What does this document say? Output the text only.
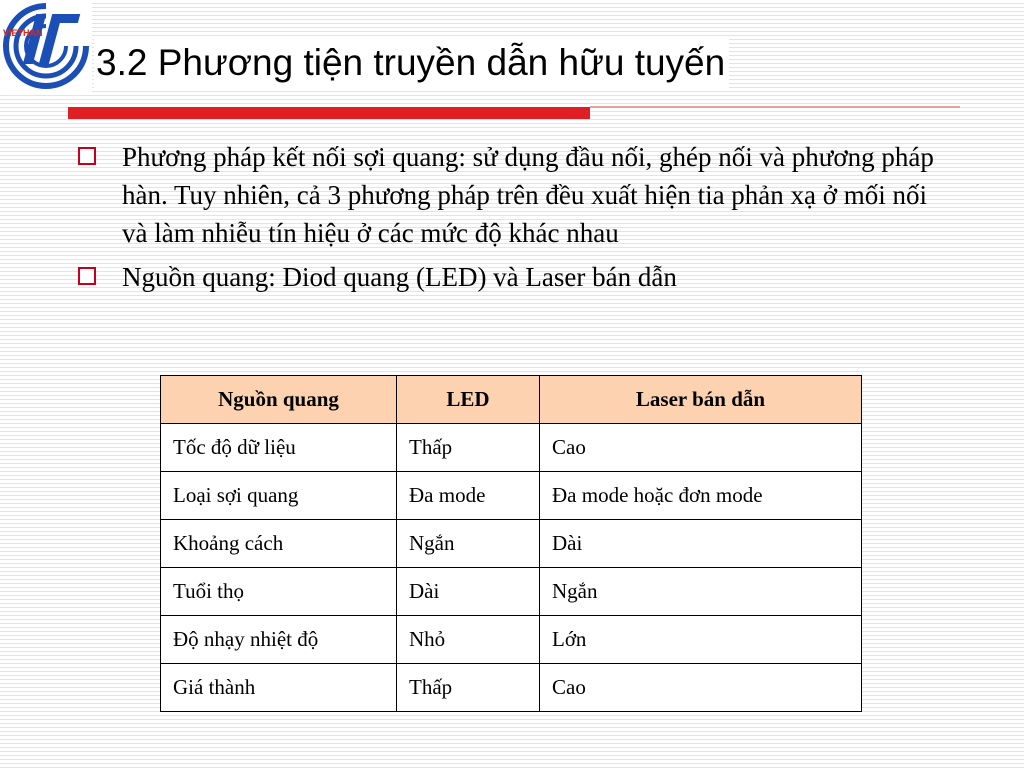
VIETHAN
3.2 Phương tiện truyền dẫn hữu tuyến
Phương pháp kết nối sợi quang: sử dụng đầu nối, ghép nối và phương pháp hàn. Tuy nhiên, cả 3 phương pháp trên đều xuất hiện tia phản xạ ở mối nối và làm nhiễu tín hiệu ở các mức độ khác nhau
Nguồn quang: Diod quang (LED) và Laser bán dẫn
Nguồn quang	LED	Laser bán dẫn
Tốc độ dữ liệu	Thấp	Cao
Loại sợi quang	Đa mode	Đa mode hoặc đơn mode
Khoảng cách	Ngắn	Dài
Tuổi thọ	Dài	Ngắn
Độ nhạy nhiệt độ	Nhỏ	Lớn
Giá thành	Thấp	Cao
